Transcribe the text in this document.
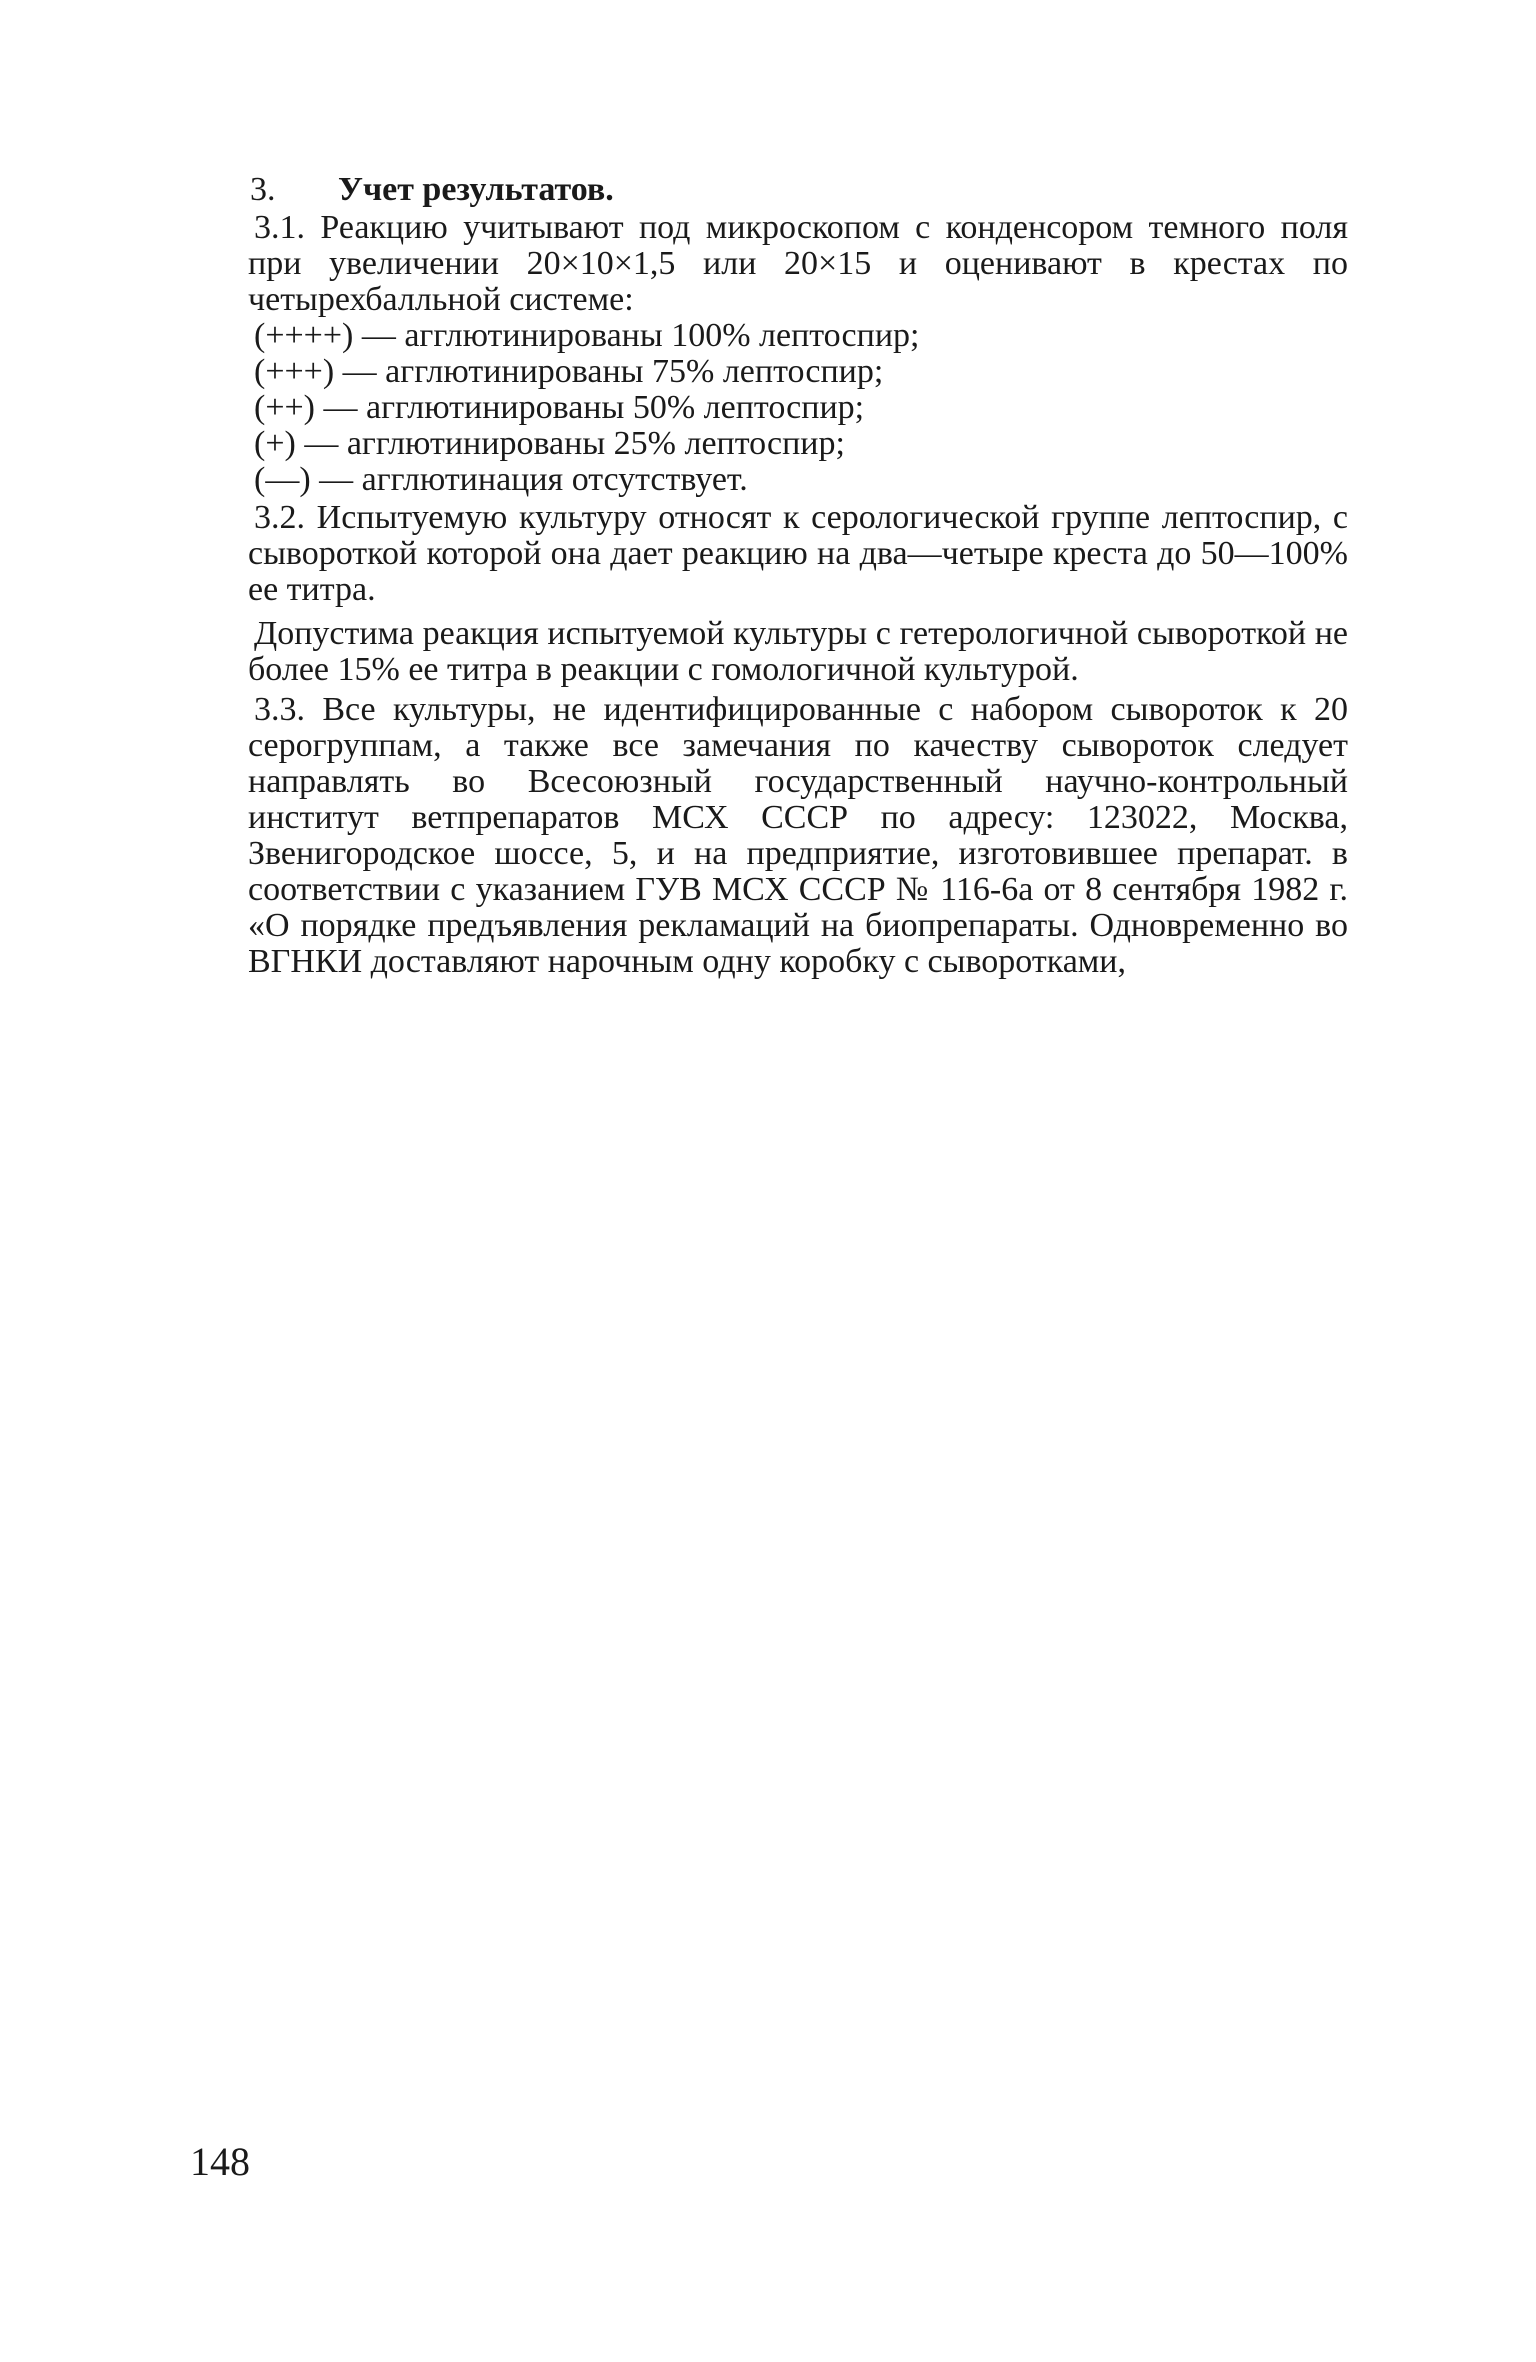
3. Учет результатов.

3.1. Реакцию учитывают под микроскопом с конденсором темного поля при увеличении 20×10×1,5 или 20×15 и оценивают в крестах по четырехбалльной системе:

(++++) — агглютинированы 100% лептоспир;
(+++) — агглютинированы 75% лептоспир;
(++) — агглютинированы 50% лептоспир;
(+) — агглютинированы 25% лептоспир;
(—) — агглютинация отсутствует.

3.2. Испытуемую культуру относят к серологической группе лептоспир, с сывороткой которой она дает реакцию на два—четыре креста до 50—100% ее титра.

Допустима реакция испытуемой культуры с гетерологичной сывороткой не более 15% ее титра в реакции с гомологичной культурой.

3.3. Все культуры, не идентифицированные с набором сывороток к 20 серогруппам, а также все замечания по качеству сывороток следует направлять во Всесоюзный государственный научно-контрольный институт ветпрепаратов МСХ СССР по адресу: 123022, Москва, Звенигородское шоссе, 5, и на предприятие, изготовившее препарат. в соответствии с указанием ГУВ МСХ СССР № 116-6а от 8 сентября 1982 г. «О порядке предъявления рекламаций на биопрепараты. Одновременно во ВГНКИ доставляют нарочным одну коробку с сыворотками,

148
